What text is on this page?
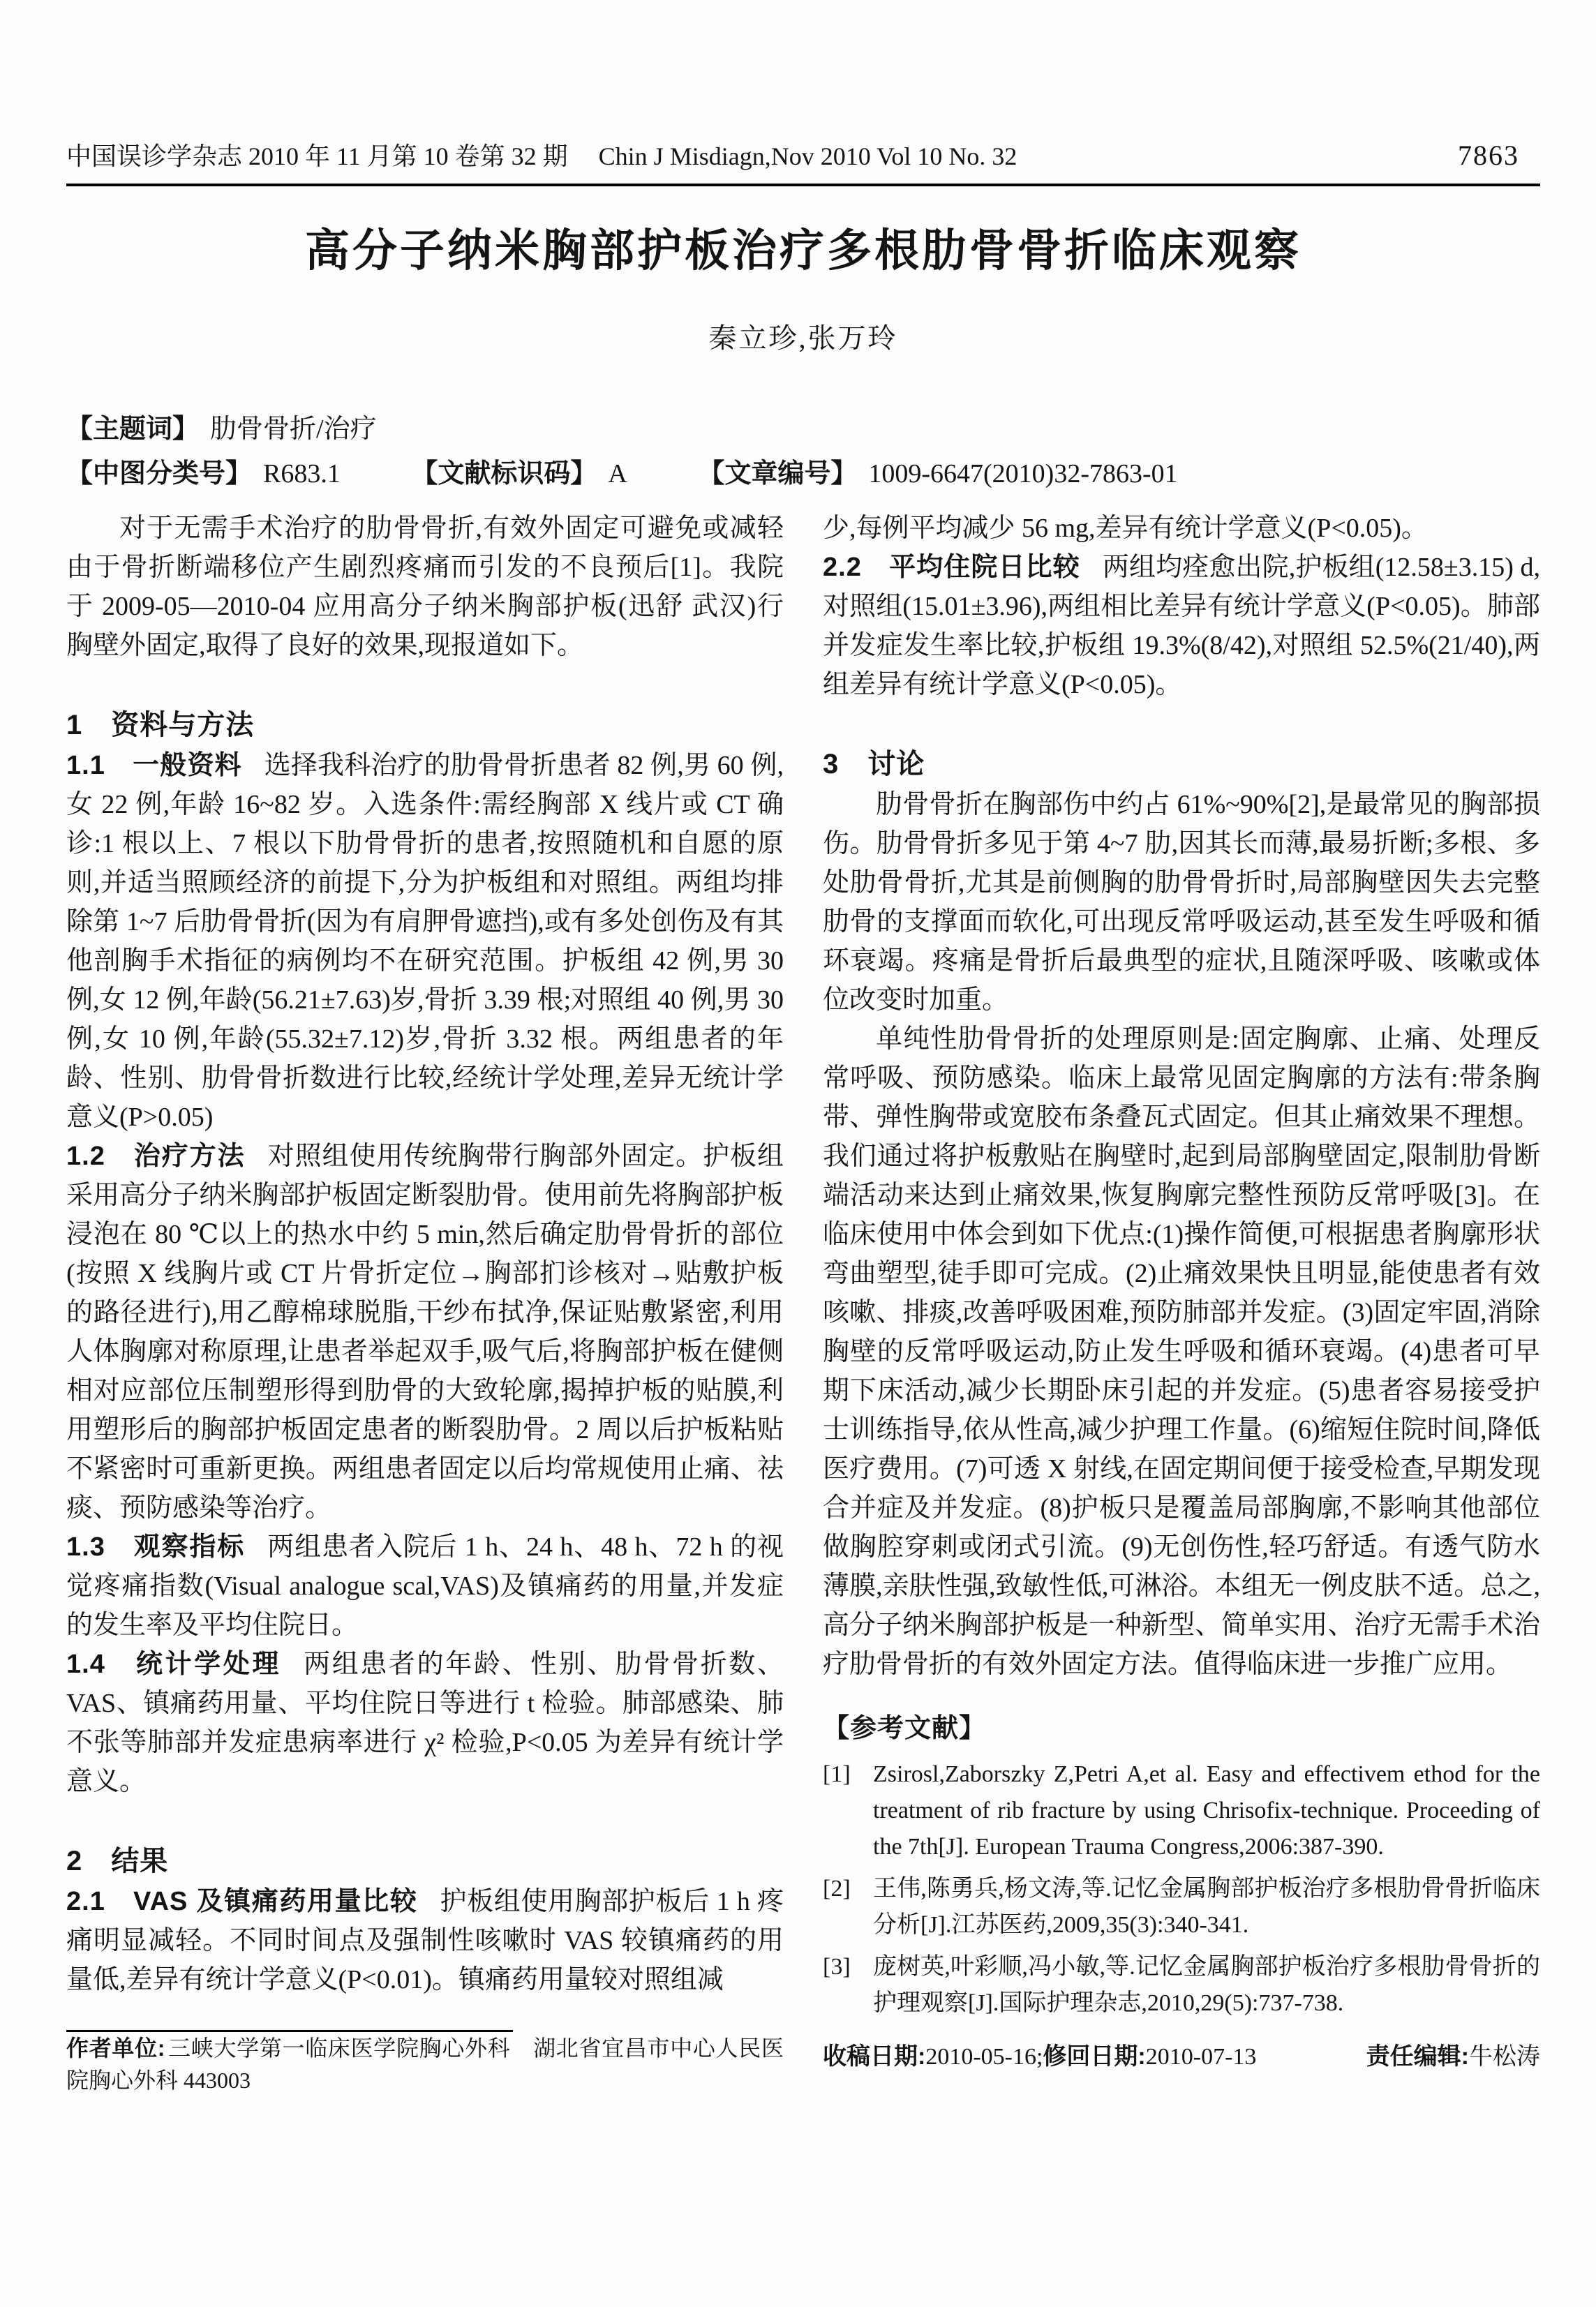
中国误诊学杂志 2010 年 11 月第 10 卷第 32 期 Chin J Misdiagn,Nov 2010 Vol 10 No. 32	7863
高分子纳米胸部护板治疗多根肋骨骨折临床观察
秦立珍,张万玲
【主题词】 肋骨骨折/治疗
【中图分类号】 R683.1	【文献标识码】 A	【文章编号】 1009-6647(2010)32-7863-01

对于无需手术治疗的肋骨骨折,有效外固定可避免或减轻由于骨折断端移位产生剧烈疼痛而引发的不良预后[1]。我院于 2009-05—2010-04 应用高分子纳米胸部护板(迅舒 武汉)行胸壁外固定,取得了良好的效果,现报道如下。

1　资料与方法

1.1　一般资料 选择我科治疗的肋骨骨折患者 82 例,男 60 例,女 22 例,年龄 16~82 岁。入选条件:需经胸部 X 线片或 CT 确诊:1 根以上、7 根以下肋骨骨折的患者,按照随机和自愿的原则,并适当照顾经济的前提下,分为护板组和对照组。两组均排除第 1~7 后肋骨骨折(因为有肩胛骨遮挡),或有多处创伤及有其他剖胸手术指征的病例均不在研究范围。护板组 42 例,男 30 例,女 12 例,年龄(56.21±7.63)岁,骨折 3.39 根;对照组 40 例,男 30 例,女 10 例,年龄(55.32±7.12)岁,骨折 3.32 根。两组患者的年龄、性别、肋骨骨折数进行比较,经统计学处理,差异无统计学意义(P>0.05)

1.2　治疗方法 对照组使用传统胸带行胸部外固定。护板组采用高分子纳米胸部护板固定断裂肋骨。使用前先将胸部护板浸泡在 80 ℃以上的热水中约 5 min,然后确定肋骨骨折的部位(按照 X 线胸片或 CT 片骨折定位→胸部扪诊核对→贴敷护板的路径进行),用乙醇棉球脱脂,干纱布拭净,保证贴敷紧密,利用人体胸廓对称原理,让患者举起双手,吸气后,将胸部护板在健侧相对应部位压制塑形得到肋骨的大致轮廓,揭掉护板的贴膜,利用塑形后的胸部护板固定患者的断裂肋骨。2 周以后护板粘贴不紧密时可重新更换。两组患者固定以后均常规使用止痛、祛痰、预防感染等治疗。

1.3　观察指标 两组患者入院后 1 h、24 h、48 h、72 h 的视觉疼痛指数(Visual analogue scal,VAS)及镇痛药的用量,并发症的发生率及平均住院日。

1.4　统计学处理 两组患者的年龄、性别、肋骨骨折数、VAS、镇痛药用量、平均住院日等进行 t 检验。肺部感染、肺不张等肺部并发症患病率进行 χ² 检验,P<0.05 为差异有统计学意义。

2　结果

2.1　VAS 及镇痛药用量比较 护板组使用胸部护板后 1 h 疼痛明显减轻。不同时间点及强制性咳嗽时 VAS 较镇痛药的用量低,差异有统计学意义(P<0.01)。镇痛药用量较对照组减

作者单位: 三峡大学第一临床医学院胸心外科　湖北省宜昌市中心人民医院胸心外科 443003

少,每例平均减少 56 mg,差异有统计学意义(P<0.05)。

2.2　平均住院日比较 两组均痊愈出院,护板组(12.58±3.15) d,对照组(15.01±3.96),两组相比差异有统计学意义(P<0.05)。肺部并发症发生率比较,护板组 19.3%(8/42),对照组 52.5%(21/40),两组差异有统计学意义(P<0.05)。

3　讨论

肋骨骨折在胸部伤中约占 61%~90%[2],是最常见的胸部损伤。肋骨骨折多见于第 4~7 肋,因其长而薄,最易折断;多根、多处肋骨骨折,尤其是前侧胸的肋骨骨折时,局部胸壁因失去完整肋骨的支撑面而软化,可出现反常呼吸运动,甚至发生呼吸和循环衰竭。疼痛是骨折后最典型的症状,且随深呼吸、咳嗽或体位改变时加重。

单纯性肋骨骨折的处理原则是:固定胸廓、止痛、处理反常呼吸、预防感染。临床上最常见固定胸廓的方法有:带条胸带、弹性胸带或宽胶布条叠瓦式固定。但其止痛效果不理想。我们通过将护板敷贴在胸壁时,起到局部胸壁固定,限制肋骨断端活动来达到止痛效果,恢复胸廓完整性预防反常呼吸[3]。在临床使用中体会到如下优点:(1)操作简便,可根据患者胸廓形状弯曲塑型,徒手即可完成。(2)止痛效果快且明显,能使患者有效咳嗽、排痰,改善呼吸困难,预防肺部并发症。(3)固定牢固,消除胸壁的反常呼吸运动,防止发生呼吸和循环衰竭。(4)患者可早期下床活动,减少长期卧床引起的并发症。(5)患者容易接受护士训练指导,依从性高,减少护理工作量。(6)缩短住院时间,降低医疗费用。(7)可透 X 射线,在固定期间便于接受检查,早期发现合并症及并发症。(8)护板只是覆盖局部胸廓,不影响其他部位做胸腔穿刺或闭式引流。(9)无创伤性,轻巧舒适。有透气防水薄膜,亲肤性强,致敏性低,可淋浴。本组无一例皮肤不适。总之,高分子纳米胸部护板是一种新型、简单实用、治疗无需手术治疗肋骨骨折的有效外固定方法。值得临床进一步推广应用。

【参考文献】
[1] Zsirosl,Zaborszky Z,Petri A,et al. Easy and effectivem ethod for the treatment of rib fracture by using Chrisofix-technique. Proceeding of the 7th[J]. European Trauma Congress,2006:387-390.
[2] 王伟,陈勇兵,杨文涛,等.记忆金属胸部护板治疗多根肋骨骨折临床分析[J].江苏医药,2009,35(3):340-341.
[3] 庞树英,叶彩顺,冯小敏,等.记忆金属胸部护板治疗多根肋骨骨折的护理观察[J].国际护理杂志,2010,29(5):737-738.
收稿日期:2010-05-16;修回日期:2010-07-13	责任编辑:牛松涛
